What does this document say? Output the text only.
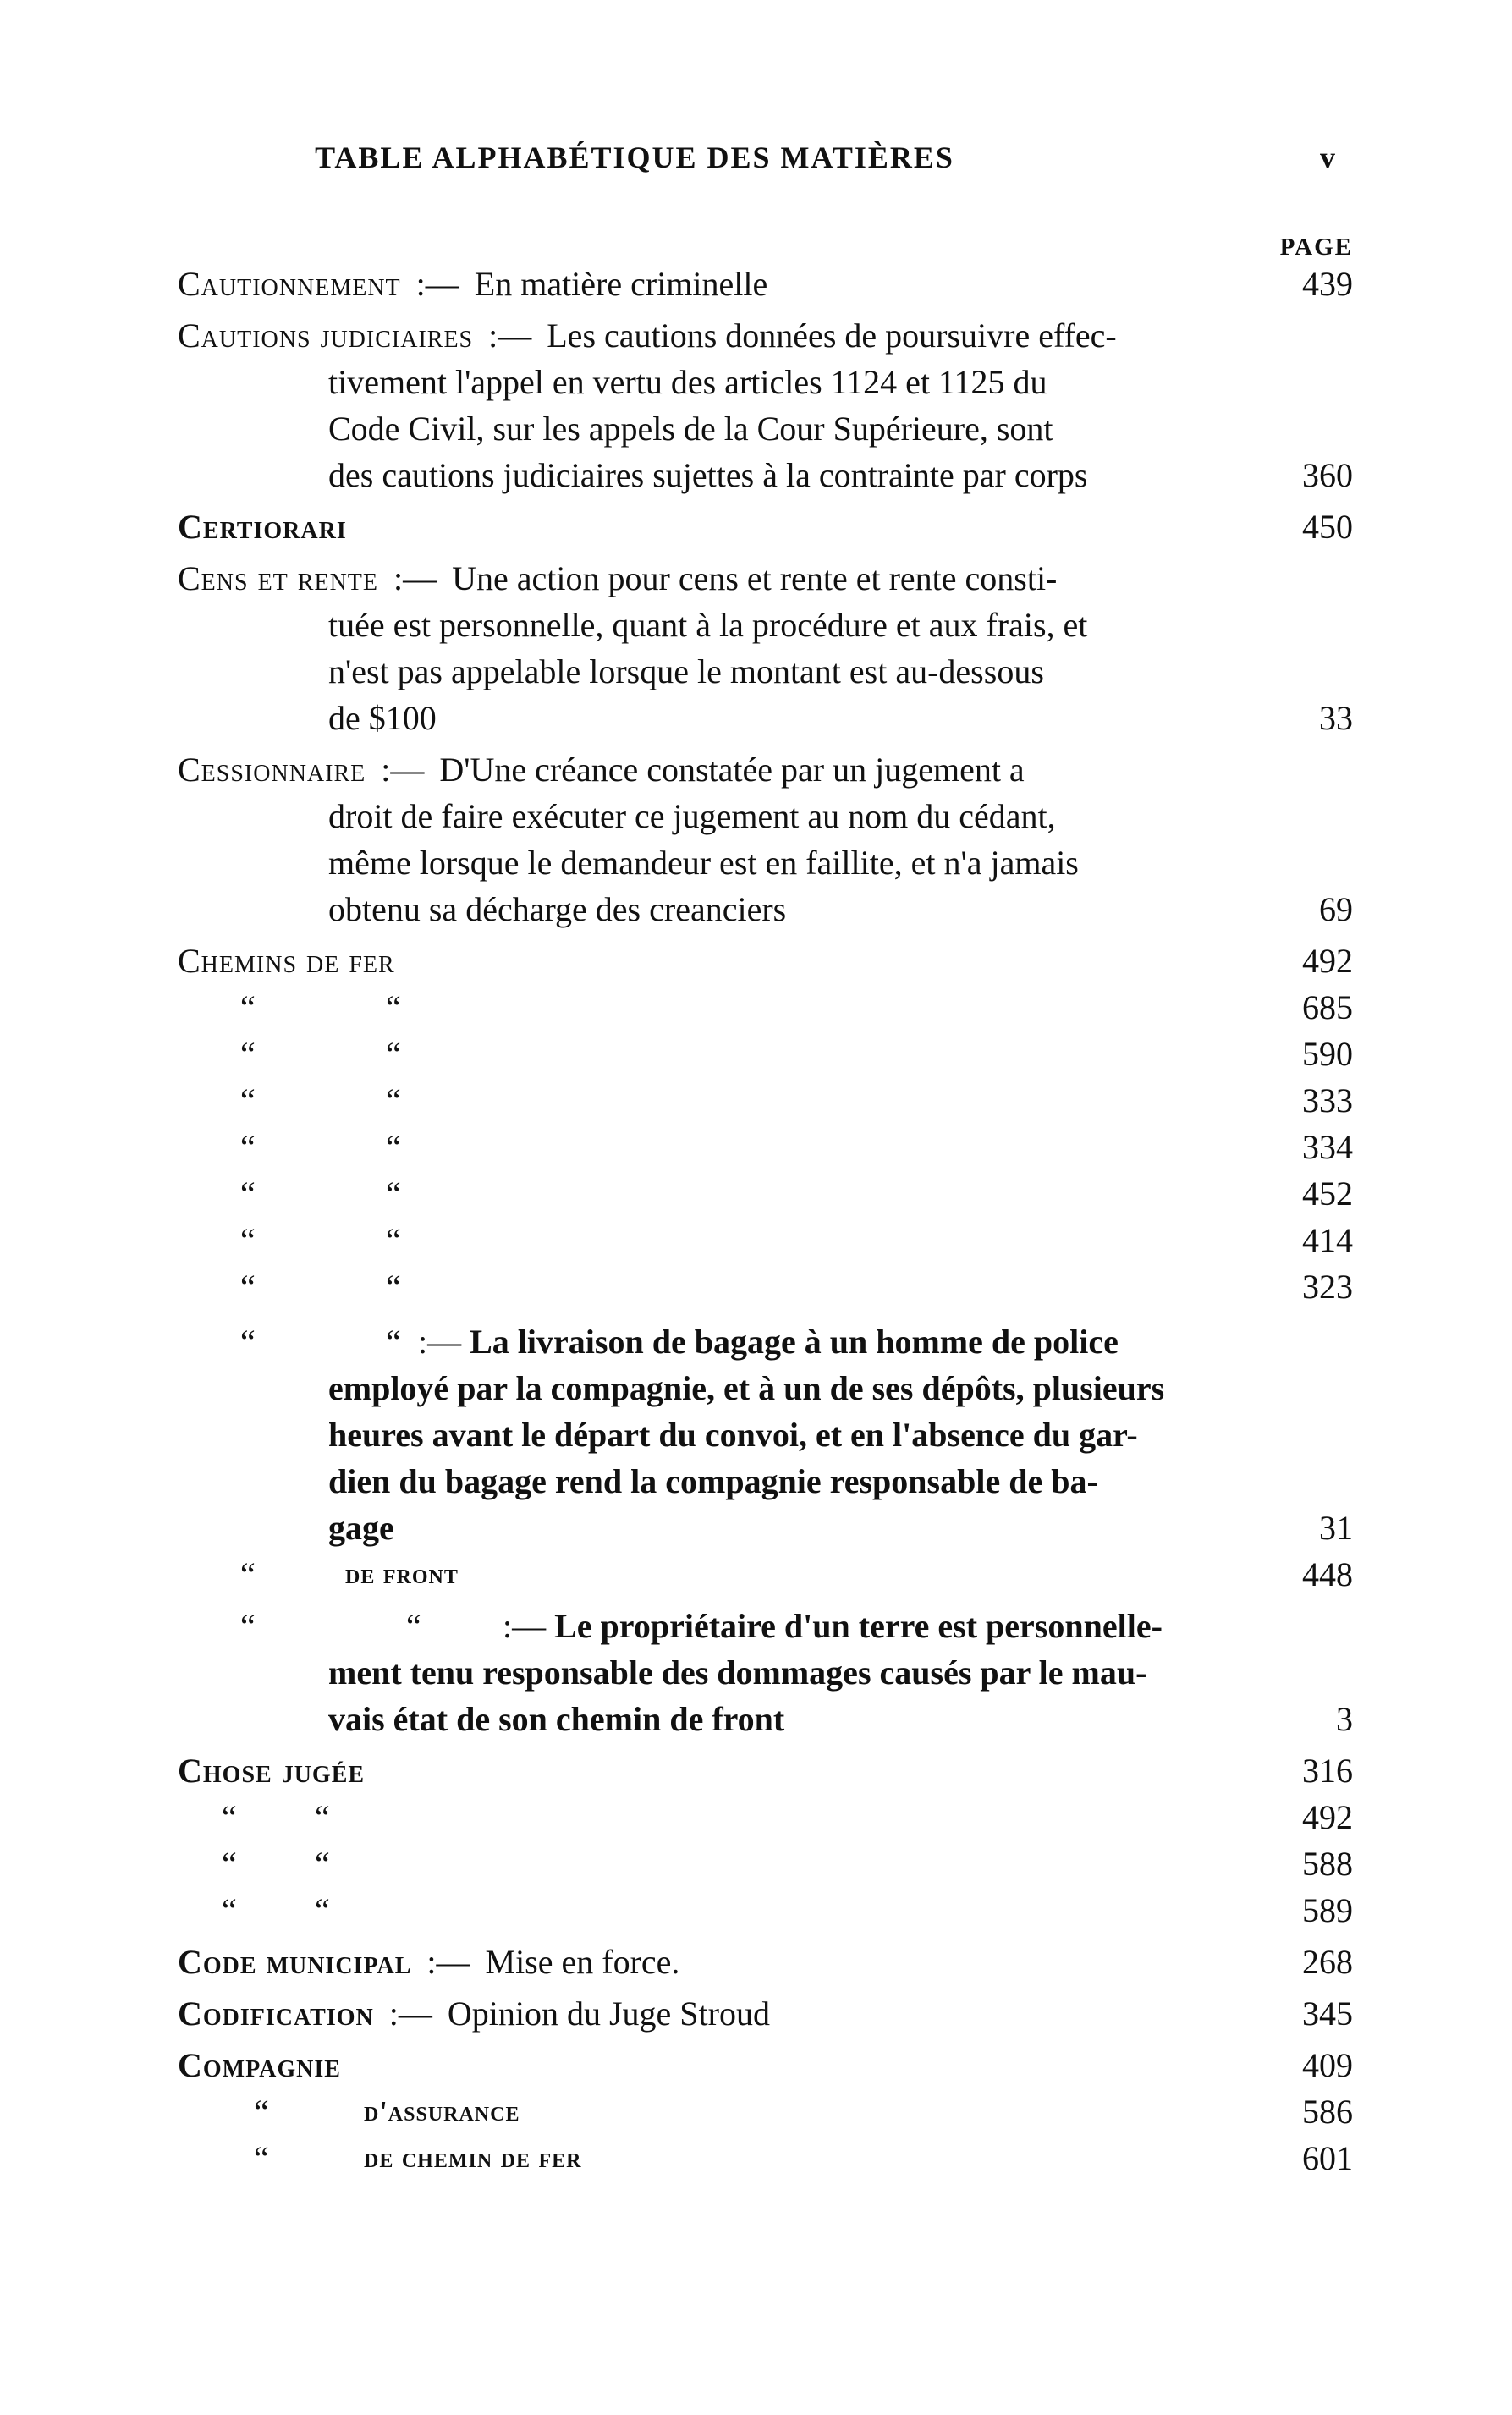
TABLE ALPHABÉTIQUE DES MATIÈRES	v
PAGE
Cautionnement :— En matière criminelle	439
Cautions judiciaires :— Les cautions données de poursuivre effec-
tivement l'appel en vertu des articles 1124 et 1125 du
Code Civil, sur les appels de la Cour Supérieure, sont
des cautions judiciaires sujettes à la contrainte par corps	360
Certiorari	450
Cens et rente :— Une action pour cens et rente et rente consti-
tuée est personnelle, quant à la procédure et aux frais, et
n'est pas appelable lorsque le montant est au-dessous
de $100	33
Cessionnaire :— D'Une créance constatée par un jugement a
droit de faire exécuter ce jugement au nom du cédant,
même lorsque le demandeur est en faillite, et n'a jamais
obtenu sa décharge des creanciers	69
Chemins de fer	492
“	“	685
“	“	590
“	“	333
“	“	334
“	“	452
“	“	414
“	“	323
“	“ :— La livraison de bagage à un homme de police
employé par la compagnie, et à un de ses dépôts, plusieurs
heures avant le départ du convoi, et en l'absence du gar-
dien du bagage rend la compagnie responsable de ba-
gage	31
“	de front	448
“	“ :— Le propriétaire d'un terre est personnelle-
ment tenu responsable des dommages causés par le mau-
vais état de son chemin de front	3
Chose jugée	316
“ “	492
“ “	588
“ “	589
Code municipal :— Mise en force.	268
Codification :— Opinion du Juge Stroud	345
Compagnie	409
“	d'assurance	586
“	de chemin de fer	601
